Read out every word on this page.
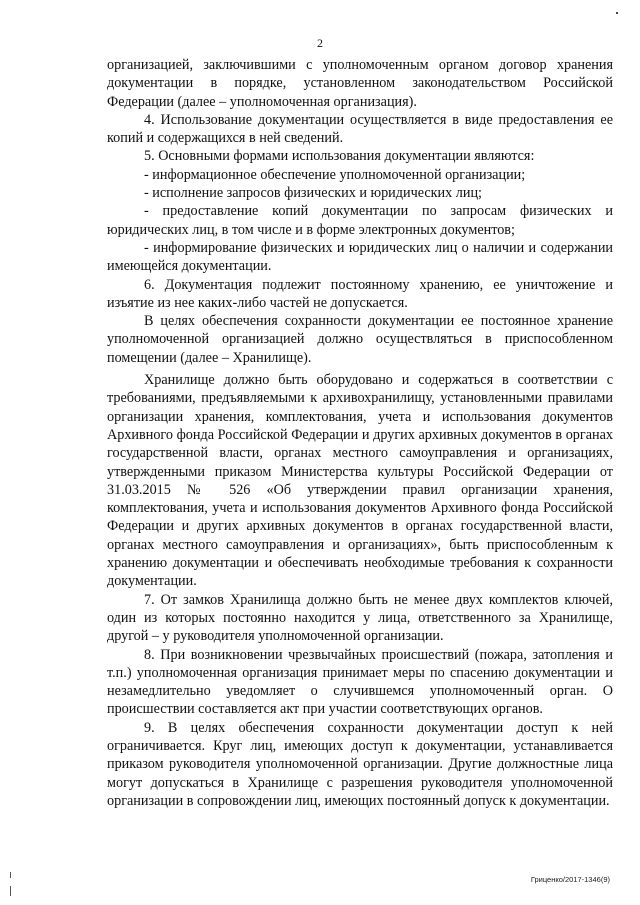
2

организацией, заключившими с уполномоченным органом договор хранения документации в порядке, установленном законодательством Российской Федерации (далее – уполномоченная организация).

4. Использование документации осуществляется в виде предоставления ее копий и содержащихся в ней сведений.

5. Основными формами использования документации являются:

- информационное обеспечение уполномоченной организации;

- исполнение запросов физических и юридических лиц;

- предоставление копий документации по запросам физических и юридических лиц, в том числе и в форме электронных документов;

- информирование физических и юридических лиц о наличии и содержании имеющейся документации.

6. Документация подлежит постоянному хранению, ее уничтожение и изъятие из нее каких-либо частей не допускается.

В целях обеспечения сохранности документации ее постоянное хранение уполномоченной организацией должно осуществляться в приспособленном помещении (далее – Хранилище).

Хранилище должно быть оборудовано и содержаться в соответствии с требованиями, предъявляемыми к архивохранилищу, установленными правилами организации хранения, комплектования, учета и использования документов Архивного фонда Российской Федерации и других архивных документов в органах государственной власти, органах местного самоуправления и организациях, утвержденными приказом Министерства культуры Российской Федерации от 31.03.2015 № 526 «Об утверждении правил организации хранения, комплектования, учета и использования документов Архивного фонда Российской Федерации и других архивных документов в органах государственной власти, органах местного самоуправления и организациях», быть приспособленным к хранению документации и обеспечивать необходимые требования к сохранности документации.

7. От замков Хранилища должно быть не менее двух комплектов ключей, один из которых постоянно находится у лица, ответственного за Хранилище, другой – у руководителя уполномоченной организации.

8. При возникновении чрезвычайных происшествий (пожара, затопления и т.п.) уполномоченная организация принимает меры по спасению документации и незамедлительно уведомляет о случившемся уполномоченный орган. О происшествии составляется акт при участии соответствующих органов.

9. В целях обеспечения сохранности документации доступ к ней ограничивается. Круг лиц, имеющих доступ к документации, устанавливается приказом руководителя уполномоченной организации. Другие должностные лица могут допускаться в Хранилище с разрешения руководителя уполномоченной организации в сопровождении лиц, имеющих постоянный допуск к документации.

Гриценко/2017-1346(9)
